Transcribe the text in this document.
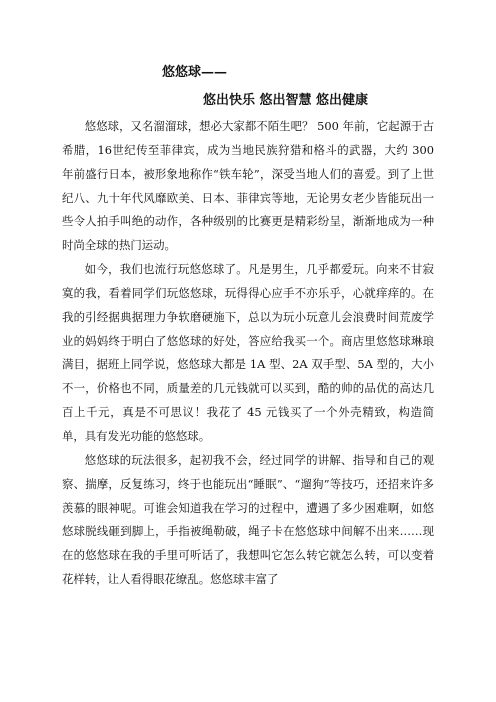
悠悠球——
悠出快乐 悠出智慧 悠出健康

悠悠球，又名溜溜球，想必大家都不陌生吧？ 500 年前，它起源于古希腊，16世纪传至菲律宾，成为当地民族狩猎和格斗的武器，大约 300 年前盛行日本，被形象地称作“铁车轮”，深受当地人们的喜爱。到了上世纪八、九十年代风靡欧美、日本、菲律宾等地，无论男女老少皆能玩出一些令人拍手叫绝的动作，各种级别的比赛更是精彩纷呈，渐渐地成为一种时尚全球的热门运动。

如今，我们也流行玩悠悠球了。凡是男生，几乎都爱玩。向来不甘寂寞的我，看着同学们玩悠悠球，玩得得心应手不亦乐乎，心就痒痒的。在我的引经据典据理力争软磨硬施下，总以为玩小玩意儿会浪费时间荒废学业的妈妈终于明白了悠悠球的好处，答应给我买一个。商店里悠悠球琳琅满目，据班上同学说，悠悠球大都是 1A 型、2A 双手型、5A 型的，大小不一，价格也不同，质量差的几元钱就可以买到，酷的帅的品优的高达几百上千元，真是不可思议！我花了 45 元钱买了一个外壳精致，构造简单，具有发光功能的悠悠球。

悠悠球的玩法很多，起初我不会，经过同学的讲解、指导和自己的观察、揣摩，反复练习，终于也能玩出“睡眠”、“遛狗”等技巧，还招来许多羡慕的眼神呢。可谁会知道我在学习的过程中，遭遇了多少困难啊，如悠悠球脱线砸到脚上，手指被绳勒破，绳子卡在悠悠球中间解不出来……现在的悠悠球在我的手里可听话了，我想叫它怎么转它就怎么转，可以变着花样转，让人看得眼花缭乱。悠悠球丰富了
